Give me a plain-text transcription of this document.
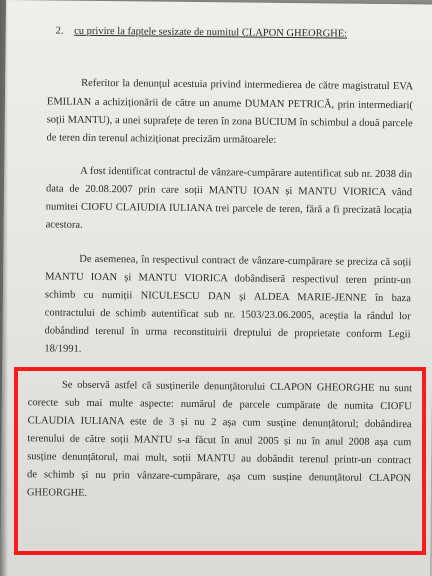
2. cu privire la faptele sesizate de numitul CLAPON GHEORGHE:
Referitor la denunțul acestuia privind intermedierea de către magistratul EVA
EMILIAN a achiziționării de către un anume DUMAN PETRICĂ, prin intermediari(
soții MANTU), a unei suprafețe de teren în zona BUCIUM în schimbul a două parcele
de teren din terenul achiziționat precizăm următoarele:
A fost identificat contractul de vânzare-cumpărare autentificat sub nr. 2038 din
data de 20.08.2007 prin care soții MANTU IOAN și MANTU VIORICA vând
numitei CIOFU CLAIUDIA IULIANA trei parcele de teren, fără a fi precizată locația
acestora.
De asemenea, în respectivul contract de vânzare-cumpărare se preciza că soții
MANTU IOAN și MANTU VIORICA dobândiseră respectivul teren printr-un
schimb cu numiții NICULESCU DAN și ALDEA MARIE-JENNE în baza
contractului de schimb autentificat sub nr. 1503/23.06.2005, aceștia la rândul lor
dobândind terenul în urma reconstituirii dreptului de proprietate conform Legii
18/1991.
Se observă astfel că susținerile denunțătorului CLAPON GHEORGHE nu sunt
corecte sub mai multe aspecte: numărul de parcele cumpărate de numita CIOFU
CLAUDIA IULIANA este de 3 și nu 2 așa cum susține denunțătorul; dobândirea
terenului de către soții MANTU s-a făcut în anul 2005 și nu în anul 2008 așa cum
susține denunțătorul, mai mult, soții MANTU au dobândit terenul printr-un contract
de schimb și nu prin vânzare-cumpărare, așa cum susține denunțătorul CLAPON
GHEORGHE.
